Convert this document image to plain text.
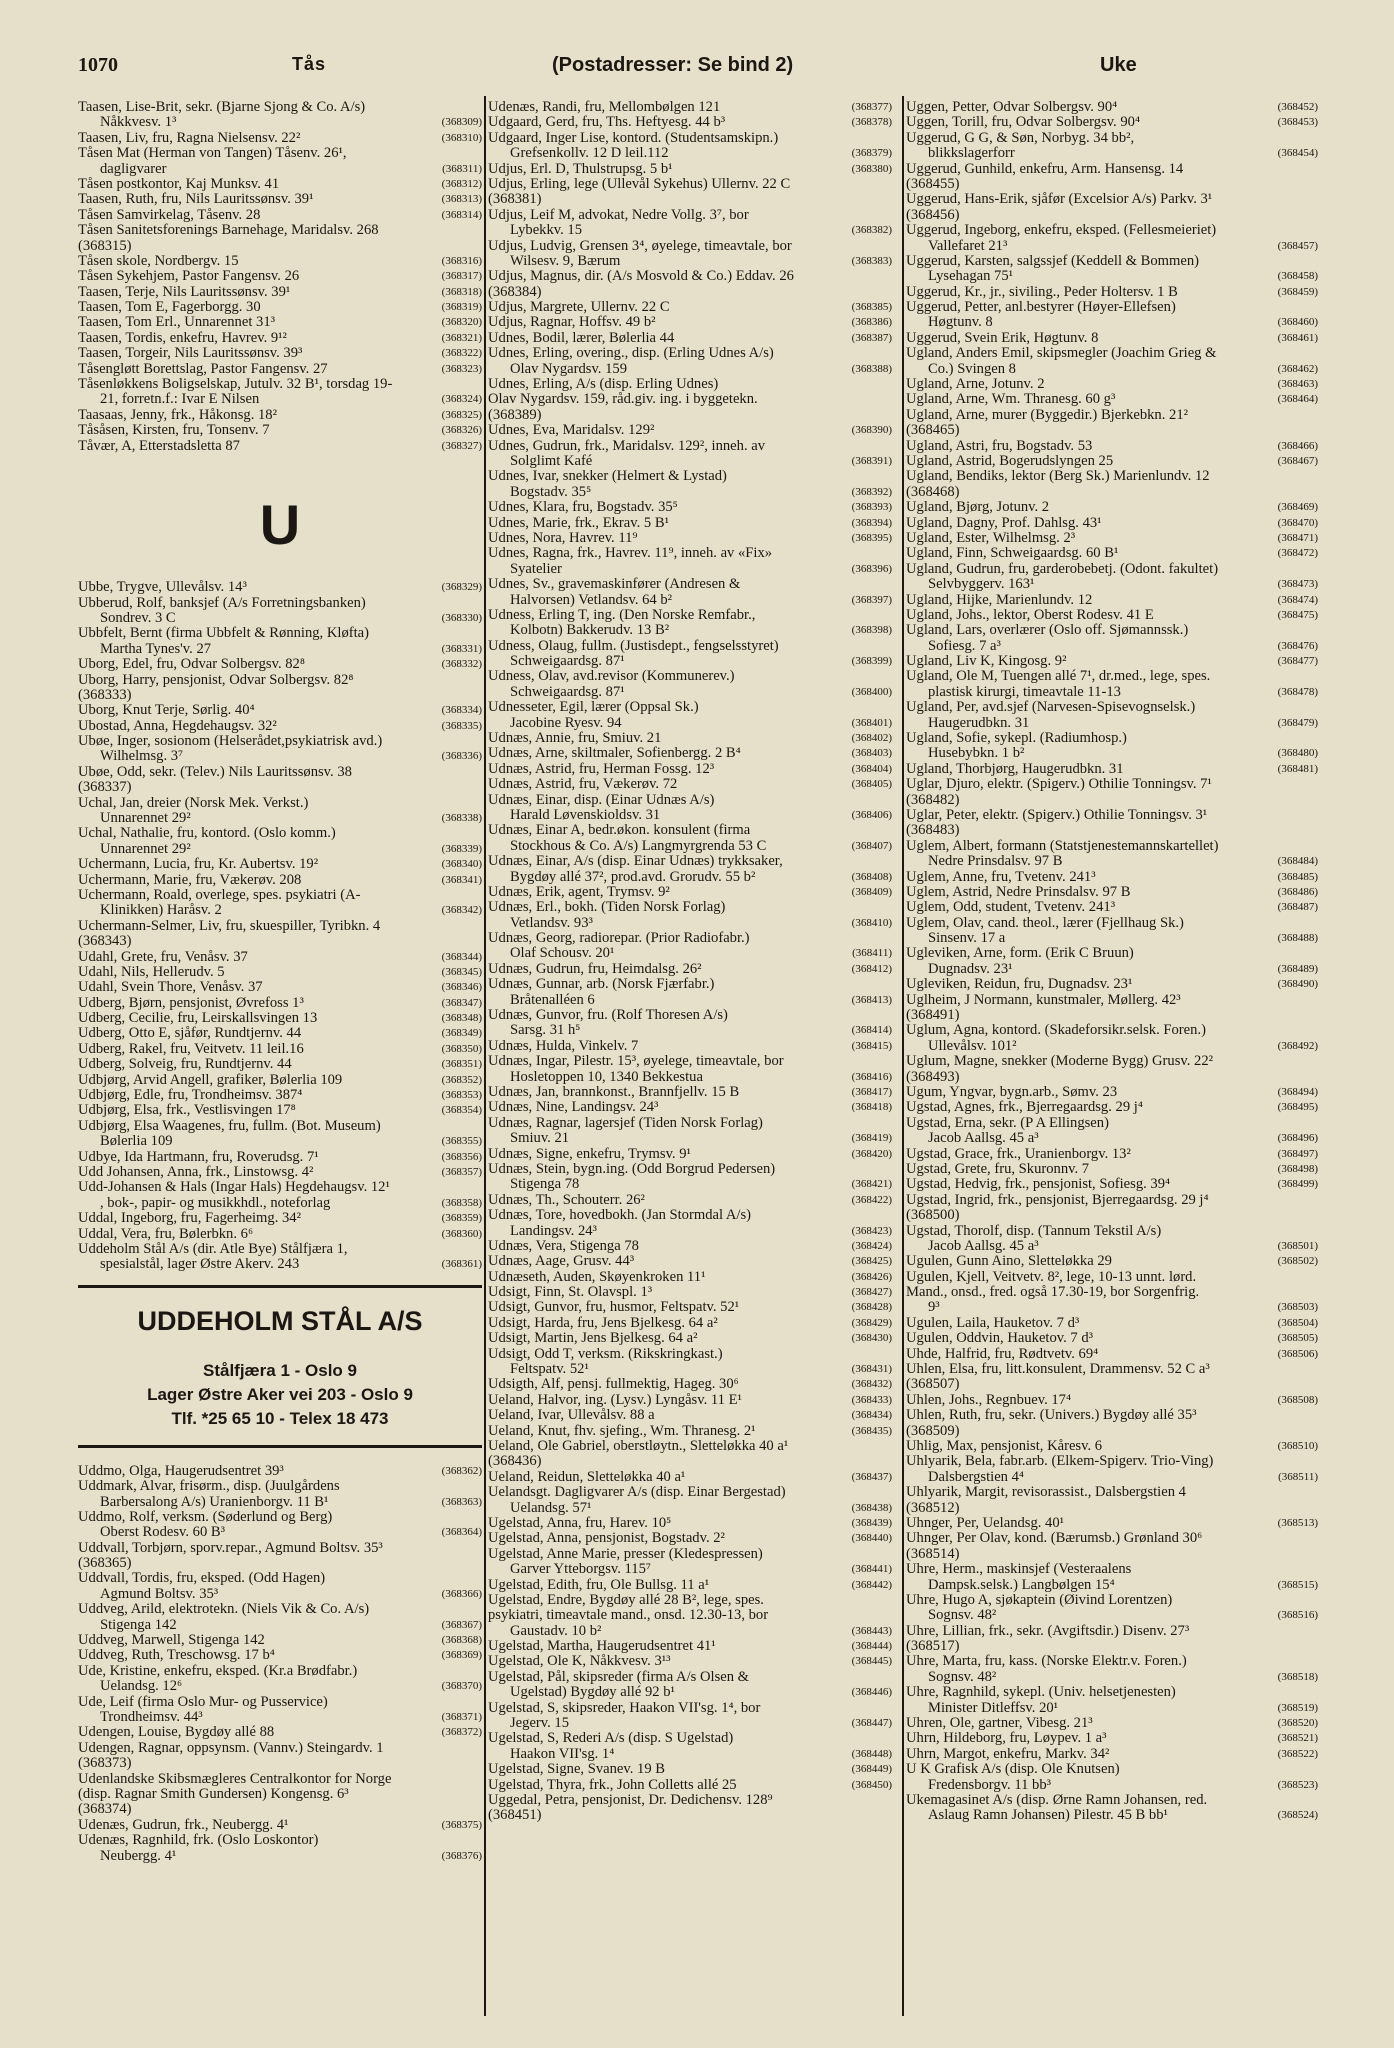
1070	Tås	(Postadresser: Se bind 2)	Uke
Taasen, Lise-Brit, sekr. (Bjarne Sjong & Co. A/s)
Nåkkvesv. 1³	(368309)
Taasen, Liv, fru, Ragna Nielsensv. 22²	(368310)
Tåsen Mat (Herman von Tangen) Tåsenv. 26¹,
dagligvarer	(368311)
Tåsen postkontor, Kaj Munksv. 41	(368312)
Taasen, Ruth, fru, Nils Lauritssønsv. 39¹	(368313)
Tåsen Samvirkelag, Tåsenv. 28	(368314)
Tåsen Sanitetsforenings Barnehage, Maridalsv. 268
(368315)
Tåsen skole, Nordbergv. 15	(368316)
Tåsen Sykehjem, Pastor Fangensv. 26	(368317)
Taasen, Terje, Nils Lauritssønsv. 39¹	(368318)
Taasen, Tom E, Fagerborgg. 30	(368319)
Taasen, Tom Erl., Unnarennet 31³	(368320)
Taasen, Tordis, enkefru, Havrev. 9¹²	(368321)
Taasen, Torgeir, Nils Lauritssønsv. 39³	(368322)
Tåsengløtt Borettslag, Pastor Fangensv. 27	(368323)
Tåsenløkkens Boligselskap, Jutulv. 32 B¹, torsdag 19-
21, forretn.f.: Ivar E Nilsen	(368324)
Taasaas, Jenny, frk., Håkonsg. 18²	(368325)
Tåsåsen, Kirsten, fru, Tonsenv. 7	(368326)
Tåvær, A, Etterstadsletta 87	(368327)
U
Ubbe, Trygve, Ullevålsv. 14³	(368329)
Ubberud, Rolf, banksjef (A/s Forretningsbanken)
Sondrev. 3 C	(368330)
Ubbfelt, Bernt (firma Ubbfelt & Rønning, Kløfta)
Martha Tynes'v. 27	(368331)
Uborg, Edel, fru, Odvar Solbergsv. 82⁸	(368332)
Uborg, Harry, pensjonist, Odvar Solbergsv. 82⁸
(368333)
Uborg, Knut Terje, Sørlig. 40⁴	(368334)
Ubostad, Anna, Hegdehaugsv. 32²	(368335)
Ubøe, Inger, sosionom (Helserådet,psykiatrisk avd.)
Wilhelmsg. 3⁷	(368336)
Ubøe, Odd, sekr. (Telev.) Nils Lauritssønsv. 38
(368337)
Uchal, Jan, dreier (Norsk Mek. Verkst.)
Unnarennet 29²	(368338)
Uchal, Nathalie, fru, kontord. (Oslo komm.)
Unnarennet 29²	(368339)
Uchermann, Lucia, fru, Kr. Aubertsv. 19²	(368340)
Uchermann, Marie, fru, Vækerøv. 208	(368341)
Uchermann, Roald, overlege, spes. psykiatri (A-
Klinikken) Haråsv. 2	(368342)
Uchermann-Selmer, Liv, fru, skuespiller, Tyribkn. 4
(368343)
Udahl, Grete, fru, Venåsv. 37	(368344)
Udahl, Nils, Hellerudv. 5	(368345)
Udahl, Svein Thore, Venåsv. 37	(368346)
Udberg, Bjørn, pensjonist, Øvrefoss 1³	(368347)
Udberg, Cecilie, fru, Leirskallsvingen 13	(368348)
Udberg, Otto E, sjåfør, Rundtjernv. 44	(368349)
Udberg, Rakel, fru, Veitvetv. 11 leil.16	(368350)
Udberg, Solveig, fru, Rundtjernv. 44	(368351)
Udbjørg, Arvid Angell, grafiker, Bølerlia 109	(368352)
Udbjørg, Edle, fru, Trondheimsv. 387⁴	(368353)
Udbjørg, Elsa, frk., Vestlisvingen 17⁸	(368354)
Udbjørg, Elsa Waagenes, fru, fullm. (Bot. Museum)
Bølerlia 109	(368355)
Udbye, Ida Hartmann, fru, Roverudsg. 7¹	(368356)
Udd Johansen, Anna, frk., Linstowsg. 4²	(368357)
Udd-Johansen & Hals (Ingar Hals) Hegdehaugsv. 12¹
, bok-, papir- og musikkhdl., noteforlag	(368358)
Uddal, Ingeborg, fru, Fagerheimg. 34²	(368359)
Uddal, Vera, fru, Bølerbkn. 6⁶	(368360)
Uddeholm Stål A/s (dir. Atle Bye) Stålfjæra 1,
spesialstål, lager Østre Akerv. 243	(368361)
UDDEHOLM STÅL A/S
Stålfjæra 1 - Oslo 9
Lager Østre Aker vei 203 - Oslo 9
Tlf. *25 65 10 - Telex 18 473
Uddmo, Olga, Haugerudsentret 39³	(368362)
Uddmark, Alvar, frisørm., disp. (Juulgårdens
Barbersalong A/s) Uranienborgv. 11 B¹	(368363)
Uddmo, Rolf, verksm. (Søderlund og Berg)
Oberst Rodesv. 60 B³	(368364)
Uddvall, Torbjørn, sporv.repar., Agmund Boltsv. 35³
(368365)
Uddvall, Tordis, fru, eksped. (Odd Hagen)
Agmund Boltsv. 35³	(368366)
Uddveg, Arild, elektrotekn. (Niels Vik & Co. A/s)
Stigenga 142	(368367)
Uddveg, Marwell, Stigenga 142	(368368)
Uddveg, Ruth, Treschowsg. 17 b⁴	(368369)
Ude, Kristine, enkefru, eksped. (Kr.a Brødfabr.)
Uelandsg. 12⁶	(368370)
Ude, Leif (firma Oslo Mur- og Pusservice)
Trondheimsv. 44³	(368371)
Udengen, Louise, Bygdøy allé 88	(368372)
Udengen, Ragnar, oppsynsm. (Vannv.) Steingardv. 1
(368373)
Udenlandske Skibsmægleres Centralkontor for Norge
(disp. Ragnar Smith Gundersen) Kongensg. 6³
(368374)
Udenæs, Gudrun, frk., Neubergg. 4¹	(368375)
Udenæs, Ragnhild, frk. (Oslo Loskontor)
Neubergg. 4¹	(368376)
Udenæs, Randi, fru, Mellombølgen 121	(368377)
Udgaard, Gerd, fru, Ths. Heftyesg. 44 b³	(368378)
Udgaard, Inger Lise, kontord. (Studentsamskipn.)
Grefsenkollv. 12 D leil.112	(368379)
Udjus, Erl. D, Thulstrupsg. 5 b¹	(368380)
Udjus, Erling, lege (Ullevål Sykehus) Ullernv. 22 C
(368381)
Udjus, Leif M, advokat, Nedre Vollg. 3⁷, bor
Lybekkv. 15	(368382)
Udjus, Ludvig, Grensen 3⁴, øyelege, timeavtale, bor
Wilsesv. 9, Bærum	(368383)
Udjus, Magnus, dir. (A/s Mosvold & Co.) Eddav. 26
(368384)
Udjus, Margrete, Ullernv. 22 C	(368385)
Udjus, Ragnar, Hoffsv. 49 b²	(368386)
Udnes, Bodil, lærer, Bølerlia 44	(368387)
Udnes, Erling, overing., disp. (Erling Udnes A/s)
Olav Nygardsv. 159	(368388)
Udnes, Erling, A/s (disp. Erling Udnes)
Olav Nygardsv. 159, råd.giv. ing. i byggetekn.
(368389)
Udnes, Eva, Maridalsv. 129²	(368390)
Udnes, Gudrun, frk., Maridalsv. 129², inneh. av
Solglimt Kafé	(368391)
Udnes, Ivar, snekker (Helmert & Lystad)
Bogstadv. 35⁵	(368392)
Udnes, Klara, fru, Bogstadv. 35⁵	(368393)
Udnes, Marie, frk., Ekrav. 5 B¹	(368394)
Udnes, Nora, Havrev. 11⁹	(368395)
Udnes, Ragna, frk., Havrev. 11⁹, inneh. av «Fix»
Syatelier	(368396)
Udnes, Sv., gravemaskinfører (Andresen &
Halvorsen) Vetlandsv. 64 b²	(368397)
Udness, Erling T, ing. (Den Norske Remfabr.,
Kolbotn) Bakkerudv. 13 B²	(368398)
Udness, Olaug, fullm. (Justisdept., fengselsstyret)
Schweigaardsg. 87¹	(368399)
Udness, Olav, avd.revisor (Kommunerev.)
Schweigaardsg. 87¹	(368400)
Udnesseter, Egil, lærer (Oppsal Sk.)
Jacobine Ryesv. 94	(368401)
Udnæs, Annie, fru, Smiuv. 21	(368402)
Udnæs, Arne, skiltmaler, Sofienbergg. 2 B⁴	(368403)
Udnæs, Astrid, fru, Herman Fossg. 12³	(368404)
Udnæs, Astrid, fru, Vækerøv. 72	(368405)
Udnæs, Einar, disp. (Einar Udnæs A/s)
Harald Løvenskioldsv. 31	(368406)
Udnæs, Einar A, bedr.økon. konsulent (firma
Stockhous & Co. A/s) Langmyrgrenda 53 C	(368407)
Udnæs, Einar, A/s (disp. Einar Udnæs) trykksaker,
Bygdøy allé 37², prod.avd. Grorudv. 55 b²	(368408)
Udnæs, Erik, agent, Trymsv. 9²	(368409)
Udnæs, Erl., bokh. (Tiden Norsk Forlag)
Vetlandsv. 93³	(368410)
Udnæs, Georg, radiorepar. (Prior Radiofabr.)
Olaf Schousv. 20¹	(368411)
Udnæs, Gudrun, fru, Heimdalsg. 26²	(368412)
Udnæs, Gunnar, arb. (Norsk Fjærfabr.)
Bråtenalléen 6	(368413)
Udnæs, Gunvor, fru. (Rolf Thoresen A/s)
Sarsg. 31 h⁵	(368414)
Udnæs, Hulda, Vinkelv. 7	(368415)
Udnæs, Ingar, Pilestr. 15³, øyelege, timeavtale, bor
Hosletoppen 10, 1340 Bekkestua	(368416)
Udnæs, Jan, brannkonst., Brannfjellv. 15 B	(368417)
Udnæs, Nine, Landingsv. 24³	(368418)
Udnæs, Ragnar, lagersjef (Tiden Norsk Forlag)
Smiuv. 21	(368419)
Udnæs, Signe, enkefru, Trymsv. 9¹	(368420)
Udnæs, Stein, bygn.ing. (Odd Borgrud Pedersen)
Stigenga 78	(368421)
Udnæs, Th., Schouterr. 26²	(368422)
Udnæs, Tore, hovedbokh. (Jan Stormdal A/s)
Landingsv. 24³	(368423)
Udnæs, Vera, Stigenga 78	(368424)
Udnæs, Aage, Grusv. 44³	(368425)
Udnæseth, Auden, Skøyenkroken 11¹	(368426)
Udsigt, Finn, St. Olavspl. 1³	(368427)
Udsigt, Gunvor, fru, husmor, Feltspatv. 52¹	(368428)
Udsigt, Harda, fru, Jens Bjelkesg. 64 a²	(368429)
Udsigt, Martin, Jens Bjelkesg. 64 a²	(368430)
Udsigt, Odd T, verksm. (Rikskringkast.)
Feltspatv. 52¹	(368431)
Udsigth, Alf, pensj. fullmektig, Hageg. 30⁶	(368432)
Ueland, Halvor, ing. (Lysv.) Lyngåsv. 11 E¹	(368433)
Ueland, Ivar, Ullevålsv. 88 a	(368434)
Ueland, Knut, fhv. sjefing., Wm. Thranesg. 2¹	(368435)
Ueland, Ole Gabriel, oberstløytn., Sletteløkka 40 a¹
(368436)
Ueland, Reidun, Sletteløkka 40 a¹	(368437)
Uelandsgt. Dagligvarer A/s (disp. Einar Bergestad)
Uelandsg. 57¹	(368438)
Ugelstad, Anna, fru, Harev. 10⁵	(368439)
Ugelstad, Anna, pensjonist, Bogstadv. 2²	(368440)
Ugelstad, Anne Marie, presser (Kledespressen)
Garver Ytteborgsv. 115⁷	(368441)
Ugelstad, Edith, fru, Ole Bullsg. 11 a¹	(368442)
Ugelstad, Endre, Bygdøy allé 28 B², lege, spes.
psykiatri, timeavtale mand., onsd. 12.30-13, bor
Gaustadv. 10 b²	(368443)
Ugelstad, Martha, Haugerudsentret 41¹	(368444)
Ugelstad, Ole K, Nåkkvesv. 3¹³	(368445)
Ugelstad, Pål, skipsreder (firma A/s Olsen &
Ugelstad) Bygdøy allé 92 b¹	(368446)
Ugelstad, S, skipsreder, Haakon VII'sg. 1⁴, bor
Jegerv. 15	(368447)
Ugelstad, S, Rederi A/s (disp. S Ugelstad)
Haakon VII'sg. 1⁴	(368448)
Ugelstad, Signe, Svanev. 19 B	(368449)
Ugelstad, Thyra, frk., John Colletts allé 25	(368450)
Uggedal, Petra, pensjonist, Dr. Dedichensv. 128⁹
(368451)
Uggen, Petter, Odvar Solbergsv. 90⁴	(368452)
Uggen, Torill, fru, Odvar Solbergsv. 90⁴	(368453)
Uggerud, G G, & Søn, Norbyg. 34 bb²,
blikkslagerforr	(368454)
Uggerud, Gunhild, enkefru, Arm. Hansensg. 14
(368455)
Uggerud, Hans-Erik, sjåfør (Excelsior A/s) Parkv. 3¹
(368456)
Uggerud, Ingeborg, enkefru, eksped. (Fellesmeieriet)
Vallefaret 21³	(368457)
Uggerud, Karsten, salgssjef (Keddell & Bommen)
Lysehagan 75¹	(368458)
Uggerud, Kr., jr., siviling., Peder Holtersv. 1 B	(368459)
Uggerud, Petter, anl.bestyrer (Høyer-Ellefsen)
Høgtunv. 8	(368460)
Uggerud, Svein Erik, Høgtunv. 8	(368461)
Ugland, Anders Emil, skipsmegler (Joachim Grieg &
Co.) Svingen 8	(368462)
Ugland, Arne, Jotunv. 2	(368463)
Ugland, Arne, Wm. Thranesg. 60 g³	(368464)
Ugland, Arne, murer (Byggedir.) Bjerkebkn. 21²
(368465)
Ugland, Astri, fru, Bogstadv. 53	(368466)
Ugland, Astrid, Bogerudslyngen 25	(368467)
Ugland, Bendiks, lektor (Berg Sk.) Marienlundv. 12
(368468)
Ugland, Bjørg, Jotunv. 2	(368469)
Ugland, Dagny, Prof. Dahlsg. 43¹	(368470)
Ugland, Ester, Wilhelmsg. 2³	(368471)
Ugland, Finn, Schweigaardsg. 60 B¹	(368472)
Ugland, Gudrun, fru, garderobebetj. (Odont. fakultet)
Selvbyggerv. 163¹	(368473)
Ugland, Hijke, Marienlundv. 12	(368474)
Ugland, Johs., lektor, Oberst Rodesv. 41 E	(368475)
Ugland, Lars, overlærer (Oslo off. Sjømannssk.)
Sofiesg. 7 a³	(368476)
Ugland, Liv K, Kingosg. 9²	(368477)
Ugland, Ole M, Tuengen allé 7¹, dr.med., lege, spes.
plastisk kirurgi, timeavtale 11-13	(368478)
Ugland, Per, avd.sjef (Narvesen-Spisevognselsk.)
Haugerudbkn. 31	(368479)
Ugland, Sofie, sykepl. (Radiumhosp.)
Husebybkn. 1 b²	(368480)
Ugland, Thorbjørg, Haugerudbkn. 31	(368481)
Uglar, Djuro, elektr. (Spigerv.) Othilie Tonningsv. 7¹
(368482)
Uglar, Peter, elektr. (Spigerv.) Othilie Tonningsv. 3¹
(368483)
Uglem, Albert, formann (Statstjenestemannskartellet)
Nedre Prinsdalsv. 97 B	(368484)
Uglem, Anne, fru, Tvetenv. 241³	(368485)
Uglem, Astrid, Nedre Prinsdalsv. 97 B	(368486)
Uglem, Odd, student, Tvetenv. 241³	(368487)
Uglem, Olav, cand. theol., lærer (Fjellhaug Sk.)
Sinsenv. 17 a	(368488)
Ugleviken, Arne, form. (Erik C Bruun)
Dugnadsv. 23¹	(368489)
Ugleviken, Reidun, fru, Dugnadsv. 23¹	(368490)
Uglheim, J Normann, kunstmaler, Møllerg. 42³
(368491)
Uglum, Agna, kontord. (Skadeforsikr.selsk. Foren.)
Ullevålsv. 101²	(368492)
Uglum, Magne, snekker (Moderne Bygg) Grusv. 22²
(368493)
Ugum, Yngvar, bygn.arb., Sømv. 23	(368494)
Ugstad, Agnes, frk., Bjerregaardsg. 29 j⁴	(368495)
Ugstad, Erna, sekr. (P A Ellingsen)
Jacob Aallsg. 45 a³	(368496)
Ugstad, Grace, frk., Uranienborgv. 13²	(368497)
Ugstad, Grete, fru, Skuronnv. 7	(368498)
Ugstad, Hedvig, frk., pensjonist, Sofiesg. 39⁴	(368499)
Ugstad, Ingrid, frk., pensjonist, Bjerregaardsg. 29 j⁴
(368500)
Ugstad, Thorolf, disp. (Tannum Tekstil A/s)
Jacob Aallsg. 45 a³	(368501)
Ugulen, Gunn Aino, Sletteløkka 29	(368502)
Ugulen, Kjell, Veitvetv. 8², lege, 10-13 unnt. lørd.
Mand., onsd., fred. også 17.30-19, bor Sorgenfrig.
9³	(368503)
Ugulen, Laila, Hauketov. 7 d³	(368504)
Ugulen, Oddvin, Hauketov. 7 d³	(368505)
Uhde, Halfrid, fru, Rødtvetv. 69⁴	(368506)
Uhlen, Elsa, fru, litt.konsulent, Drammensv. 52 C a³
(368507)
Uhlen, Johs., Regnbuev. 17⁴	(368508)
Uhlen, Ruth, fru, sekr. (Univers.) Bygdøy allé 35³
(368509)
Uhlig, Max, pensjonist, Kåresv. 6	(368510)
Uhlyarik, Bela, fabr.arb. (Elkem-Spigerv. Trio-Ving)
Dalsbergstien 4⁴	(368511)
Uhlyarik, Margit, revisorassist., Dalsbergstien 4
(368512)
Uhnger, Per, Uelandsg. 40¹	(368513)
Uhnger, Per Olav, kond. (Bærumsb.) Grønland 30⁶
(368514)
Uhre, Herm., maskinsjef (Vesteraalens
Dampsk.selsk.) Langbølgen 15⁴	(368515)
Uhre, Hugo A, sjøkaptein (Øivind Lorentzen)
Sognsv. 48²	(368516)
Uhre, Lillian, frk., sekr. (Avgiftsdir.) Disenv. 27³
(368517)
Uhre, Marta, fru, kass. (Norske Elektr.v. Foren.)
Sognsv. 48²	(368518)
Uhre, Ragnhild, sykepl. (Univ. helsetjenesten)
Minister Ditleffsv. 20¹	(368519)
Uhren, Ole, gartner, Vibesg. 21³	(368520)
Uhrn, Hildeborg, fru, Løypev. 1 a³	(368521)
Uhrn, Margot, enkefru, Markv. 34²	(368522)
U K Grafisk A/s (disp. Ole Knutsen)
Fredensborgv. 11 bb³	(368523)
Ukemagasinet A/s (disp. Ørne Ramn Johansen, red.
Aslaug Ramn Johansen) Pilestr. 45 B bb¹	(368524)
